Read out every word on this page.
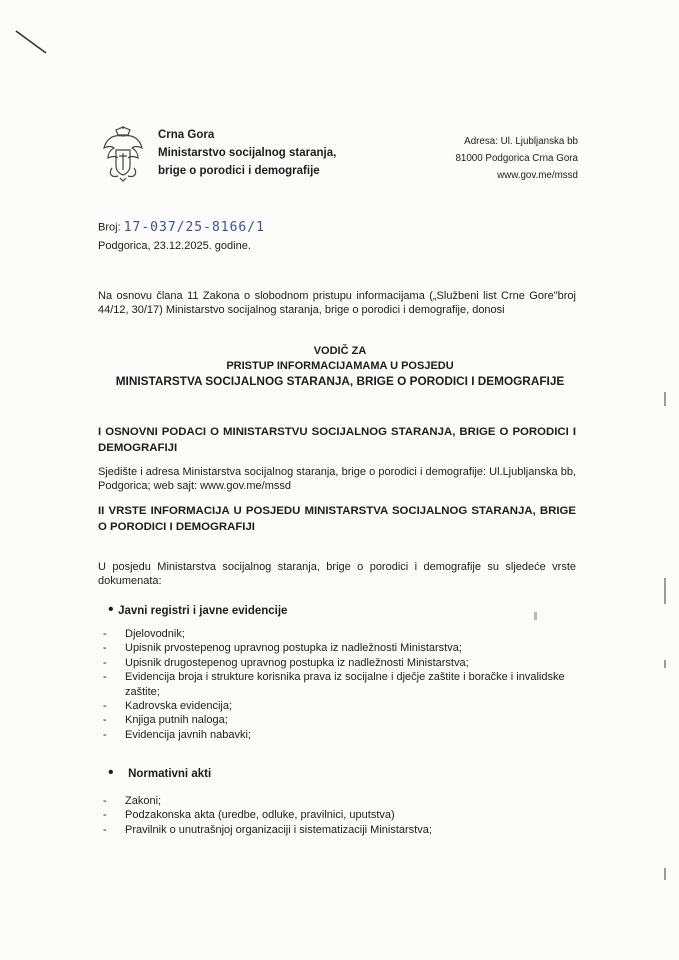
Crna Gora
Ministarstvo socijalnog staranja,
brige o porodici i demografije
Adresa: Ul. Ljubljanska bb
81000 Podgorica Crna Gora
www.gov.me/mssd
Broj: 17-037/25-8166/1
Podgorica, 23.12.2025. godine.
Na osnovu člana 11 Zakona o slobodnom pristupu informacijama („Službeni list Crne Gore"broj 44/12, 30/17) Ministarstvo socijalnog staranja, brige o porodici i demografije, donosi
VODIČ ZA
PRISTUP INFORMACIJAMAMA U POSJEDU
MINISTARSTVA SOCIJALNOG STARANJA, BRIGE O PORODICI I DEMOGRAFIJE
I OSNOVNI PODACI O MINISTARSTVU SOCIJALNOG STARANJA, BRIGE O PORODICI I DEMOGRAFIJI
Sjedište i adresa Ministarstva socijalnog staranja, brige o porodici i demografije: Ul.Ljubljanska bb, Podgorica; web sajt: www.gov.me/mssd
II VRSTE INFORMACIJA U POSJEDU MINISTARSTVA SOCIJALNOG STARANJA, BRIGE O PORODICI I DEMOGRAFIJI
U posjedu Ministarstva socijalnog staranja, brige o porodici i demografije su sljedeće vrste dokumenata:
• Javni registri i javne evidencije
- Djelovodnik;
- Upisnik prvostepenog upravnog postupka iz nadležnosti Ministarstva;
- Upisnik drugostepenog upravnog postupka iz nadležnosti Ministarstva;
- Evidencija broja i strukture korisnika prava iz socijalne i dječje zaštite i boračke i invalidske zaštite;
- Kadrovska evidencija;
- Knjiga putnih naloga;
- Evidencija javnih nabavki;
• Normativni akti
- Zakoni;
- Podzakonska akta (uredbe, odluke, pravilnici, uputstva)
- Pravilnik o unutrašnjoj organizaciji i sistematizaciji Ministarstva;
